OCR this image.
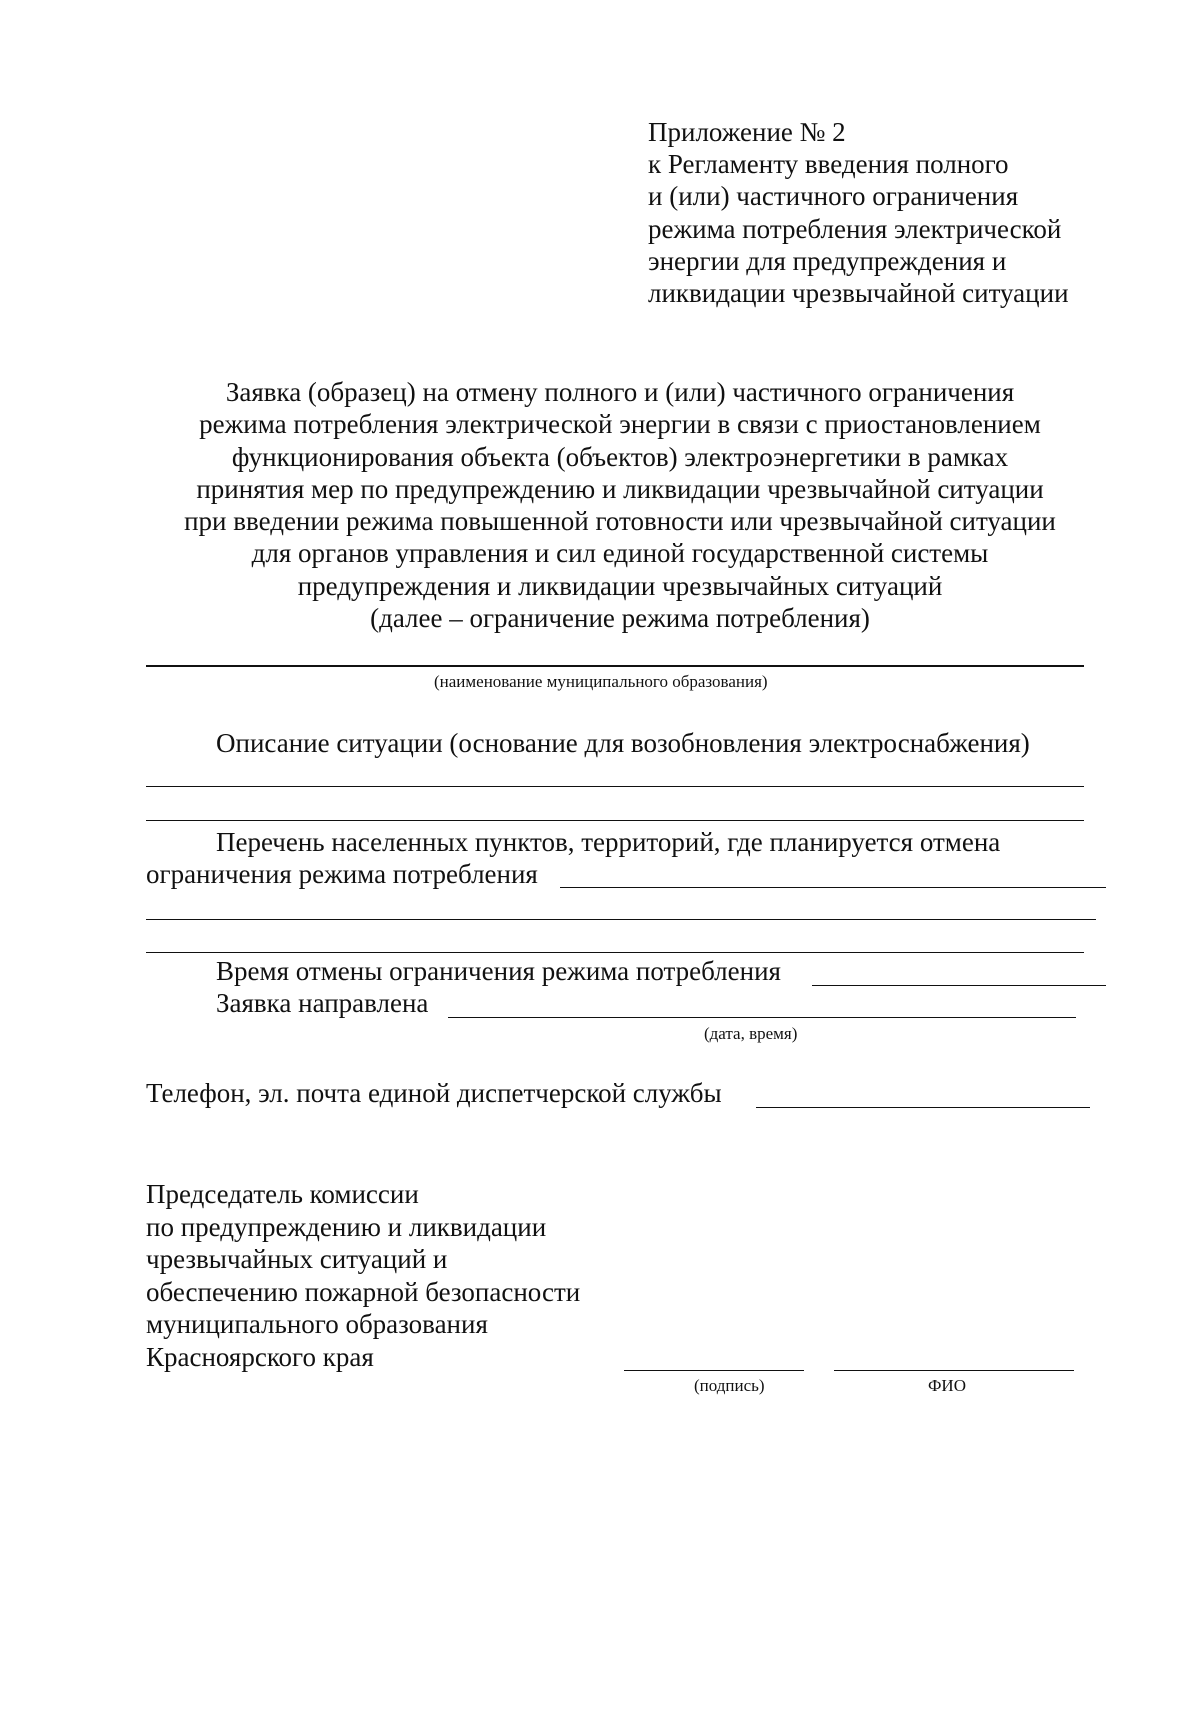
Приложение № 2
к Регламенту введения полного
и (или) частичного ограничения
режима потребления электрической
энергии для предупреждения и
ликвидации чрезвычайной ситуации
Заявка (образец) на отмену полного и (или) частичного ограничения
режима потребления электрической энергии в связи с приостановлением
функционирования объекта (объектов) электроэнергетики в рамках
принятия мер по предупреждению и ликвидации чрезвычайной ситуации
при введении режима повышенной готовности или чрезвычайной ситуации
для органов управления и сил единой государственной системы
предупреждения и ликвидации чрезвычайных ситуаций
(далее – ограничение режима потребления)
(наименование муниципального образования)
Описание ситуации (основание для возобновления электроснабжения)
Перечень населенных пунктов, территорий, где планируется отмена
ограничения режима потребления
Время отмены ограничения режима потребления
Заявка направлена
(дата, время)
Телефон, эл. почта единой диспетчерской службы
Председатель комиссии
по предупреждению и ликвидации
чрезвычайных ситуаций и
обеспечению пожарной безопасности
муниципального образования
Красноярского края
(подпись)	ФИО
